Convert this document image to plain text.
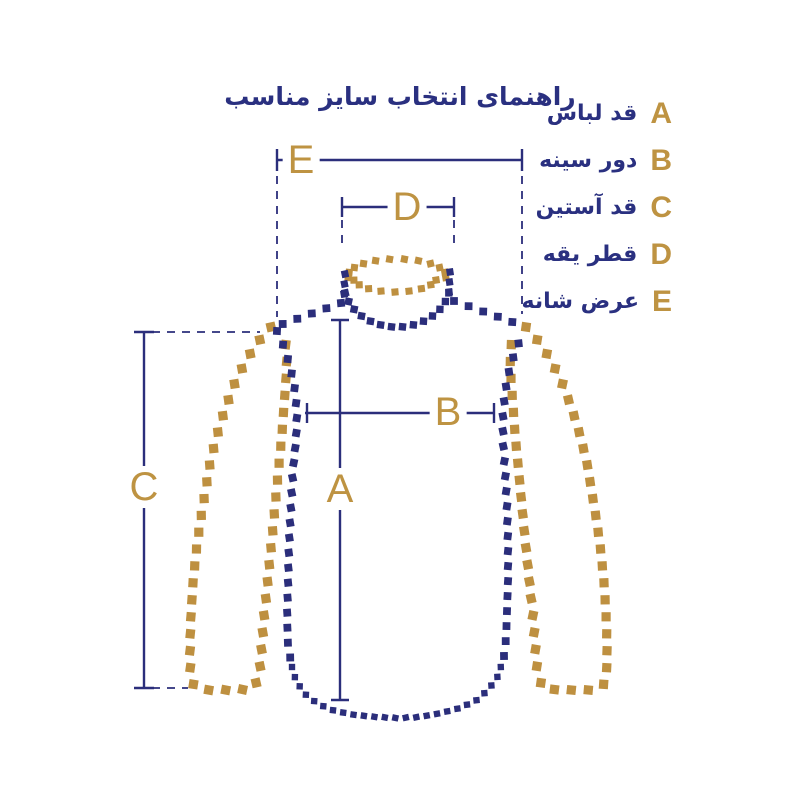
راهنمای انتخاب سایز مناسب
قد لباس A
دور سینه B
قد آستین C
قطر یقه D
عرض شانه E
E
D
B
A
C
